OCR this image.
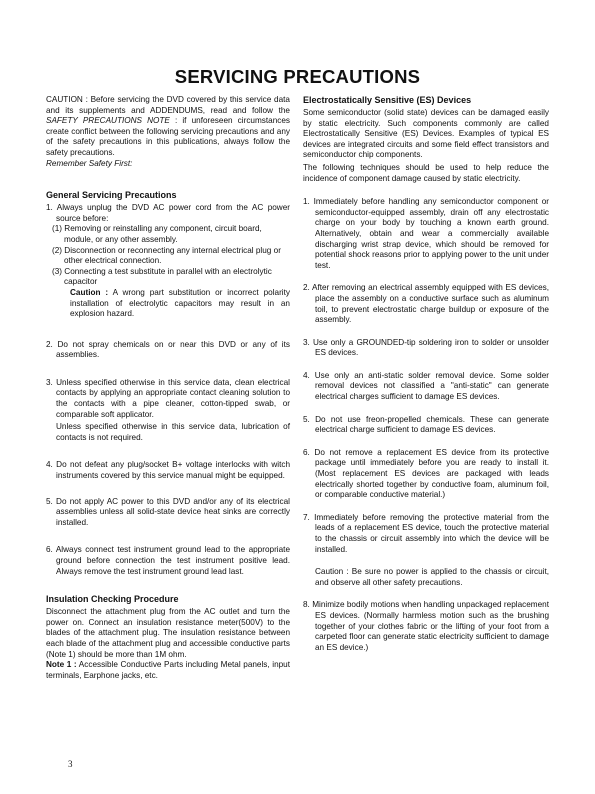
SERVICING PRECAUTIONS

CAUTION : Before servicing the DVD covered by this service data and its supplements and ADDENDUMS, read and follow the SAFETY PRECAUTIONS NOTE : if unforeseen circumstances create conflict between the following servicing precautions and any of the safety precautions in this publications, always follow the safety precautions.

Remember Safety First:

General Servicing Precautions

1. Always unplug the DVD AC power cord from the AC power source before:

(1) Removing or reinstalling any component, circuit board, module, or any other assembly.

(2) Disconnection or reconnecting any internal electrical plug or other electrical connection.

(3) Connecting a test substitute in parallel with an electrolytic capacitor

Caution : A wrong part substitution or incorrect polarity installation of electrolytic capacitors may result in an explosion hazard.

2. Do not spray chemicals on or near this DVD or any of its assemblies.

3. Unless specified otherwise in this service data, clean electrical contacts by applying an appropriate contact cleaning solution to the contacts with a pipe cleaner, cotton-tipped swab, or comparable soft applicator.

Unless specified otherwise in this service data, lubrication of contacts is not required.

4. Do not defeat any plug/socket B+ voltage interlocks with witch instruments covered by this service manual might be equipped.

5. Do not apply AC power to this DVD and/or any of its electrical assemblies unless all solid-state device heat sinks are correctly installed.

6. Always connect test instrument ground lead to the appropriate ground before connection the test instrument positive lead. Always remove the test instrument ground lead last.

Insulation Checking Procedure

Disconnect the attachment plug from the AC outlet and turn the power on. Connect an insulation resistance meter(500V) to the blades of the attachment plug. The insulation resistance between each blade of the attachment plug and accessible conductive parts (Note 1) should be more than 1M ohm.

Note 1 : Accessible Conductive Parts including Metal panels, input terminals, Earphone jacks, etc.

Electrostatically Sensitive (ES) Devices

Some semiconductor (solid state) devices can be damaged easily by static electricity. Such components commonly are called Electrostatically Sensitive (ES) Devices. Examples of typical ES devices are integrated circuits and some field effect transistors and semiconductor chip components.

The following techniques should be used to help reduce the incidence of component damage caused by static electricity.

1. Immediately before handling any semiconductor component or semiconductor-equipped assembly, drain off any electrostatic charge on your body by touching a known earth ground. Alternatively, obtain and wear a commercially available discharging wrist strap device, which should be removed for potential shock reasons prior to applying power to the unit under test.

2. After removing an electrical assembly equipped with ES devices, place the assembly on a conductive surface such as aluminum toil, to prevent electrostatic charge buildup or exposure of the assembly.

3. Use only a GROUNDED-tip soldering iron to solder or unsolder ES devices.

4. Use only an anti-static solder removal device. Some solder removal devices not classified a "anti-static" can generate electrical charges sufficient to damage ES devices.

5. Do not use freon-propelled chemicals. These can generate electrical charge sufficient to damage ES devices.

6. Do not remove a replacement ES device from its protective package until immediately before you are ready to install it. (Most replacement ES devices are packaged with leads electrically shorted together by conductive foam, aluminum foil, or comparable conductive material.)

7. Immediately before removing the protective material from the leads of a replacement ES device, touch the protective material to the chassis or circuit assembly into which the device will be installed.

Caution : Be sure no power is applied to the chassis or circuit, and observe all other safety precautions.

8. Minimize bodily motions when handling unpackaged replacement ES devices. (Normally harmless motion such as the brushing together of your clothes fabric or the lifting of your foot from a carpeted floor can generate static electricity sufficient to damage an ES device.)

3
